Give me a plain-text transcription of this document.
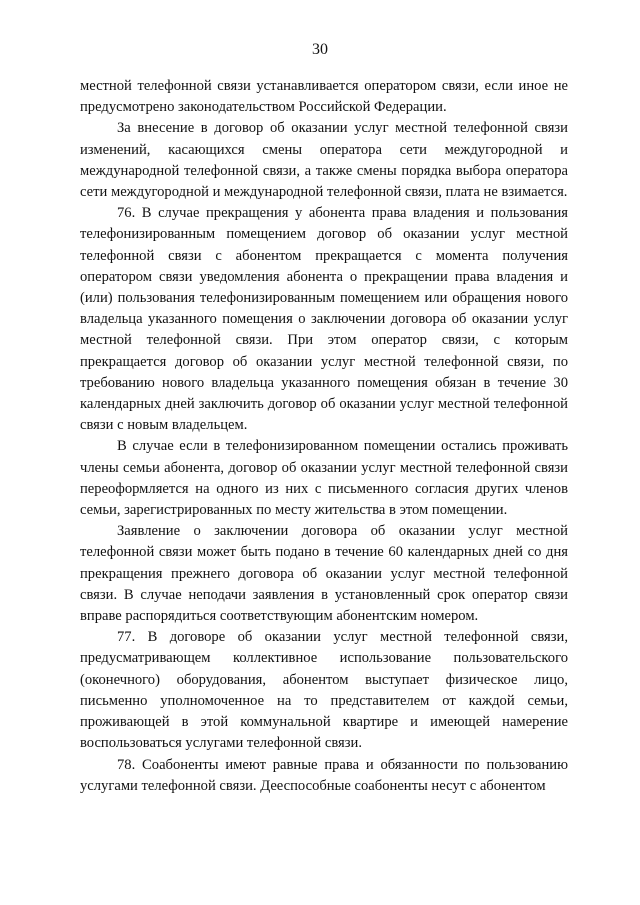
30

местной телефонной связи устанавливается оператором связи, если иное не предусмотрено законодательством Российской Федерации.

За внесение в договор об оказании услуг местной телефонной связи изменений, касающихся смены оператора сети междугородной и международной телефонной связи, а также смены порядка выбора оператора сети междугородной и международной телефонной связи, плата не взимается.

76. В случае прекращения у абонента права владения и пользования телефонизированным помещением договор об оказании услуг местной телефонной связи с абонентом прекращается с момента получения оператором связи уведомления абонента о прекращении права владения и (или) пользования телефонизированным помещением или обращения нового владельца указанного помещения о заключении договора об оказании услуг местной телефонной связи. При этом оператор связи, с которым прекращается договор об оказании услуг местной телефонной связи, по требованию нового владельца указанного помещения обязан в течение 30 календарных дней заключить договор об оказании услуг местной телефонной связи с новым владельцем.

В случае если в телефонизированном помещении остались проживать члены семьи абонента, договор об оказании услуг местной телефонной связи переоформляется на одного из них с письменного согласия других членов семьи, зарегистрированных по месту жительства в этом помещении.

Заявление о заключении договора об оказании услуг местной телефонной связи может быть подано в течение 60 календарных дней со дня прекращения прежнего договора об оказании услуг местной телефонной связи. В случае неподачи заявления в установленный срок оператор связи вправе распорядиться соответствующим абонентским номером.

77. В договоре об оказании услуг местной телефонной связи, предусматривающем коллективное использование пользовательского (оконечного) оборудования, абонентом выступает физическое лицо, письменно уполномоченное на то представителем от каждой семьи, проживающей в этой коммунальной квартире и имеющей намерение воспользоваться услугами телефонной связи.

78. Соабоненты имеют равные права и обязанности по пользованию услугами телефонной связи. Дееспособные соабоненты несут с абонентом
